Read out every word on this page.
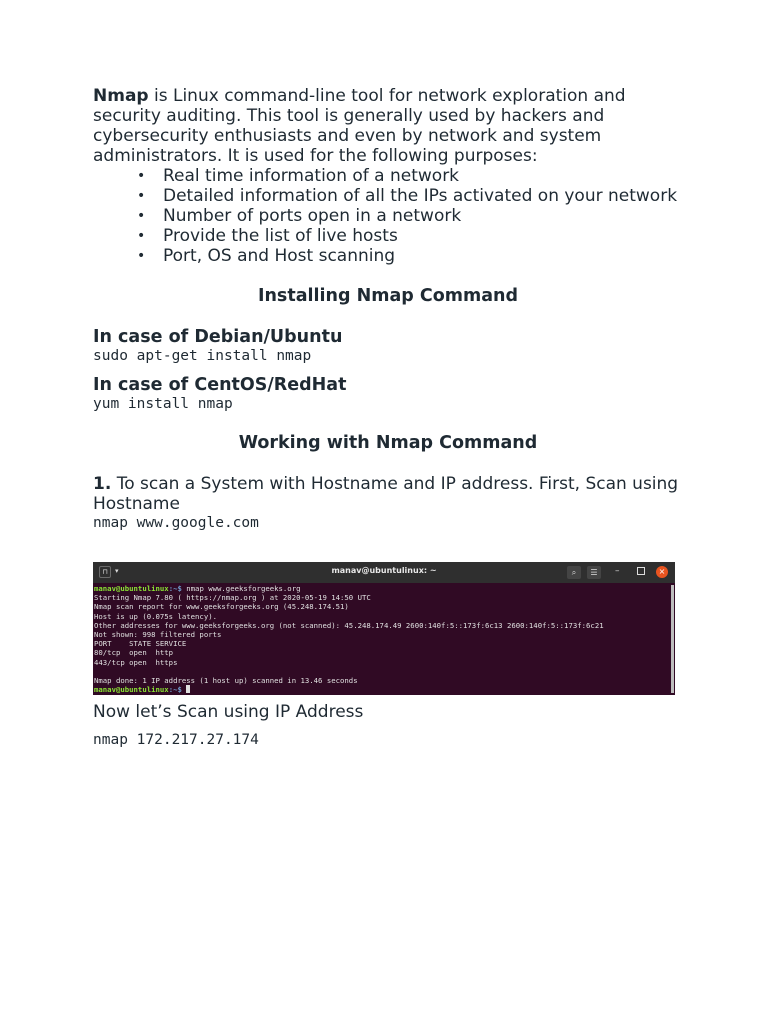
Nmap is Linux command-line tool for network exploration and security auditing. This tool is generally used by hackers and cybersecurity enthusiasts and even by network and system administrators. It is used for the following purposes:

• Real time information of a network
• Detailed information of all the IPs activated on your network
• Number of ports open in a network
• Provide the list of live hosts
• Port, OS and Host scanning
Installing Nmap Command
In case of Debian/Ubuntu

sudo apt-get install nmap

In case of CentOS/RedHat

yum install nmap

Working with Nmap Command

1. To scan a System with Hostname and IP address. First, Scan using Hostname

nmap www.google.com

⊓	▾	manav@ubuntulinux: ~	⌕	☰	–	×
manav@ubuntulinux:~$ nmap www.geeksforgeeks.org
Starting Nmap 7.80 ( https://nmap.org ) at 2020-05-19 14:50 UTC
Nmap scan report for www.geeksforgeeks.org (45.248.174.51)
Host is up (0.075s latency).
Other addresses for www.geeksforgeeks.org (not scanned): 45.248.174.49 2600:140f:5::173f:6c13 2600:140f:5::173f:6c21
Not shown: 998 filtered ports
PORT    STATE SERVICE
80/tcp  open  http
443/tcp open  https

Nmap done: 1 IP address (1 host up) scanned in 13.46 seconds
manav@ubuntulinux:~$

Now let’s Scan using IP Address

nmap 172.217.27.174
